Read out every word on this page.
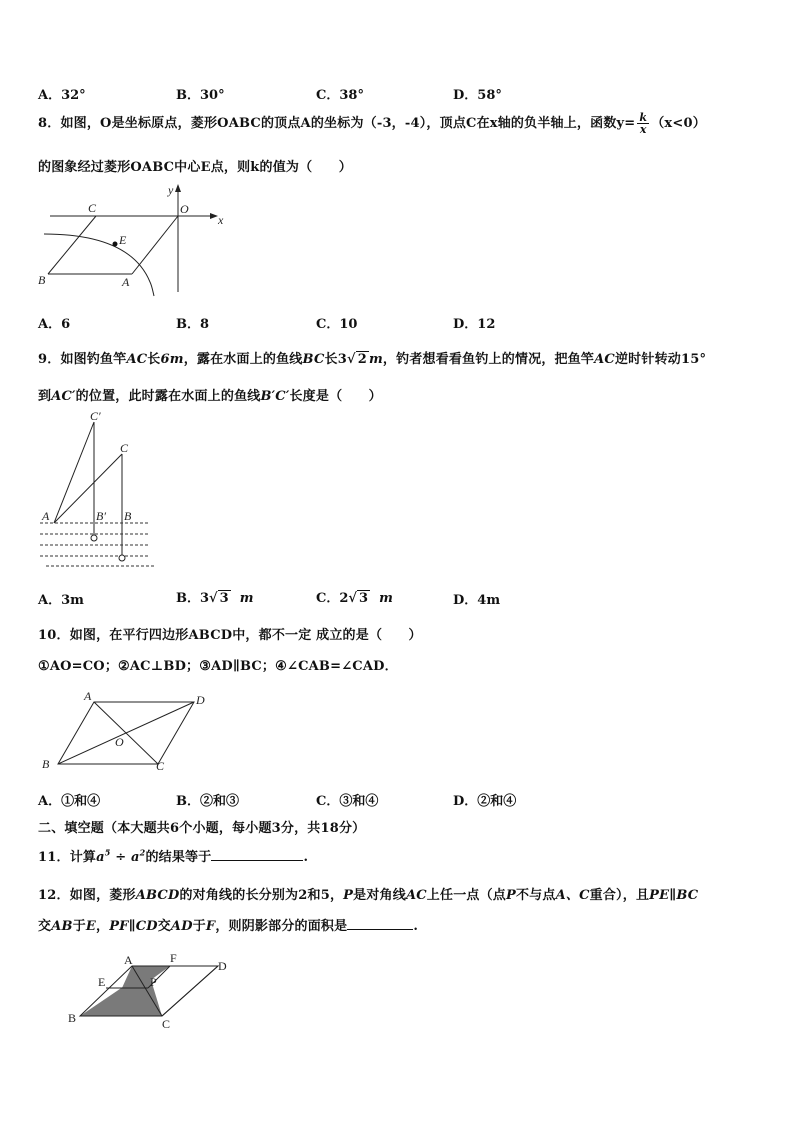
A．32°	B．30°	C．38°	D．58°
8．如图，O是坐标原点，菱形OABC的顶点A的坐标为（-3，-4），顶点C在x轴的负半轴上，函数$y= \frac{k}{x} (x<0)$
的图象经过菱形OABC中心E点，则k的值为（　　）
C	O
y
x
E
B	A
A．6	B．8	C．10	D．12
9．如图钓鱼竿AC长6m，露在水面上的鱼线BC长3√ 2 m，钓者想看看鱼钓上的情况，把鱼竿AC逆时针转动15°
到AC′的位置，此时露在水面上的鱼线B′C′长度是（　　）
C′
C
A	B′ B
A．3m	B．3√ 3 m	C．2√ 3 m	D．4m
10．如图，在平行四边形ABCD中，都不一定 成立的是（　　）
①AO=CO；②AC⊥BD；③AD∥BC；④∠CAB=∠CAD．
A	D
O
B	C
A．①和④	B．②和③	C．③和④	D．②和④
二、填空题（本大题共6个小题，每小题3分，共18分）
11．计算$a^5 \div a^2$的结果等于	.
12．如图，菱形ABCD的对角线的长分别为2和5，P是对角线AC上任一点（点P不与点A、C重合），且PE∥BC
交AB于E，PF∥CD交AD于F，则阴影部分的面积是	.
A	F
D
E	P
B	C
